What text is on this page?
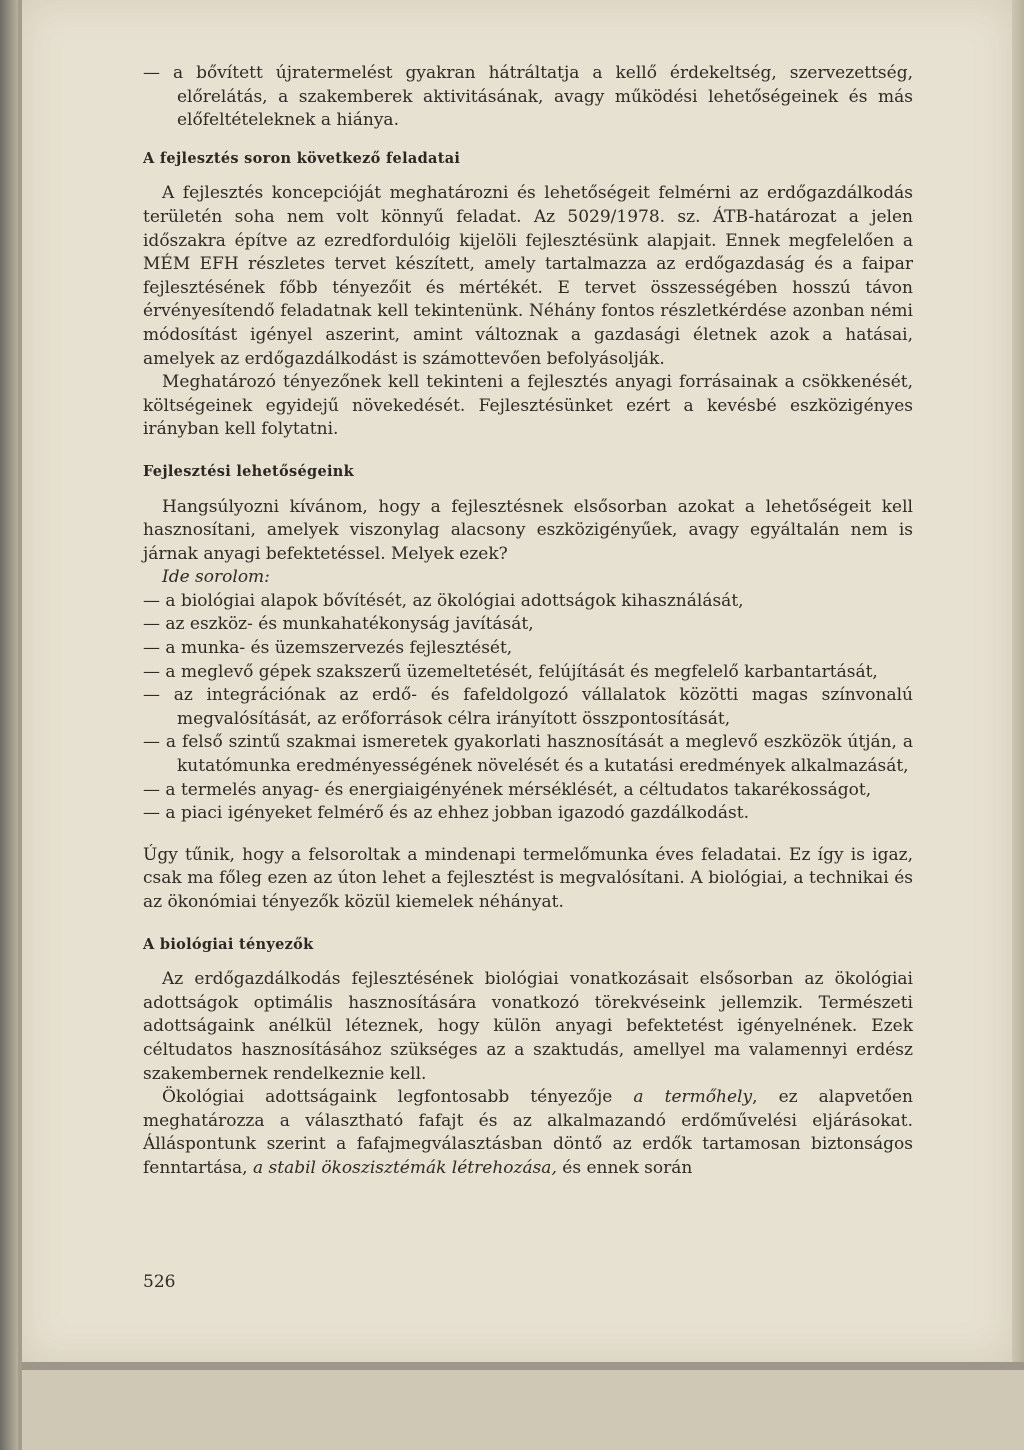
— a bővített újratermelést gyakran hátráltatja a kellő érdekeltség, szervezettség, előrelátás, a szakemberek aktivitásának, avagy működési lehetőségeinek és más előfeltételeknek a hiánya.

A fejlesztés soron következő feladatai

A fejlesztés koncepcióját meghatározni és lehetőségeit felmérni az erdőgazdálkodás területén soha nem volt könnyű feladat. Az 5029/1978. sz. ÁTB-határozat a jelen időszakra építve az ezredfordulóig kijelöli fejlesztésünk alapjait. Ennek megfelelően a MÉM EFH részletes tervet készített, amely tartalmazza az erdőgazdaság és a faipar fejlesztésének főbb tényezőit és mértékét. E tervet összességében hosszú távon érvényesítendő feladatnak kell tekintenünk. Néhány fontos részletkérdése azonban némi módosítást igényel aszerint, amint változnak a gazdasági életnek azok a hatásai, amelyek az erdőgazdálkodást is számottevően befolyásolják.

Meghatározó tényezőnek kell tekinteni a fejlesztés anyagi forrásainak a csökkenését, költségeinek egyidejű növekedését. Fejlesztésünket ezért a kevésbé eszközigényes irányban kell folytatni.

Fejlesztési lehetőségeink

Hangsúlyozni kívánom, hogy a fejlesztésnek elsősorban azokat a lehetőségeit kell hasznosítani, amelyek viszonylag alacsony eszközigényűek, avagy egyáltalán nem is járnak anyagi befektetéssel. Melyek ezek?

Ide sorolom:

— a biológiai alapok bővítését, az ökológiai adottságok kihasználását,

— az eszköz- és munkahatékonyság javítását,

— a munka- és üzemszervezés fejlesztését,

— a meglevő gépek szakszerű üzemeltetését, felújítását és megfelelő karbantartását,

— az integrációnak az erdő- és fafeldolgozó vállalatok közötti magas színvonalú megvalósítását, az erőforrások célra irányított összpontosítását,

— a felső szintű szakmai ismeretek gyakorlati hasznosítását a meglevő eszközök útján, a kutatómunka eredményességének növelését és a kutatási eredmények alkalmazását,

— a termelés anyag- és energiaigényének mérséklését, a céltudatos takarékosságot,

— a piaci igényeket felmérő és az ehhez jobban igazodó gazdálkodást.

Úgy tűnik, hogy a felsoroltak a mindenapi termelőmunka éves feladatai. Ez így is igaz, csak ma főleg ezen az úton lehet a fejlesztést is megvalósítani. A biológiai, a technikai és az ökonómiai tényezők közül kiemelek néhányat.

A biológiai tényezők

Az erdőgazdálkodás fejlesztésének biológiai vonatkozásait elsősorban az ökológiai adottságok optimális hasznosítására vonatkozó törekvéseink jellemzik. Természeti adottságaink anélkül léteznek, hogy külön anyagi befektetést igényelnének. Ezek céltudatos hasznosításához szükséges az a szaktudás, amellyel ma valamennyi erdész szakembernek rendelkeznie kell.

Ökológiai adottságaink legfontosabb tényezője a termőhely, ez alapvetően meghatározza a választható fafajt és az alkalmazandó erdőművelési eljárásokat. Álláspontunk szerint a fafajmegválasztásban döntő az erdők tartamosan biztonságos fenntartása, a stabil ökoszisztémák létrehozása, és ennek során

526
